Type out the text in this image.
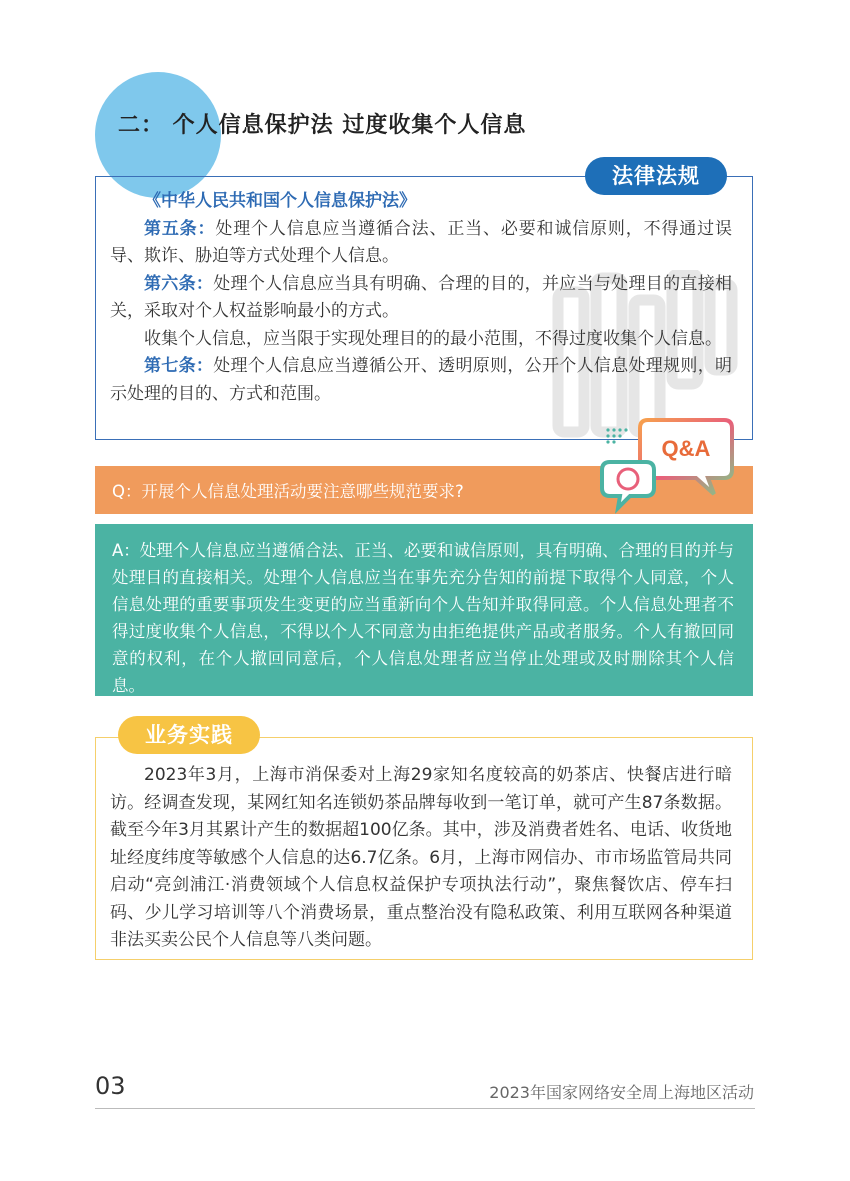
二： 个人信息保护法 过度收集个人信息
法律法规

《中华人民共和国个人信息保护法》

第五条：处理个人信息应当遵循合法、正当、必要和诚信原则，不得通过误导、欺诈、胁迫等方式处理个人信息。

第六条：处理个人信息应当具有明确、合理的目的，并应当与处理目的直接相关，采取对个人权益影响最小的方式。

收集个人信息，应当限于实现处理目的的最小范围，不得过度收集个人信息。

第七条：处理个人信息应当遵循公开、透明原则，公开个人信息处理规则，明示处理的目的、方式和范围。

Q：开展个人信息处理活动要注意哪些规范要求?
Q&A
A：处理个人信息应当遵循合法、正当、必要和诚信原则，具有明确、合理的目的并与处理目的直接相关。处理个人信息应当在事先充分告知的前提下取得个人同意，个人信息处理的重要事项发生变更的应当重新向个人告知并取得同意。个人信息处理者不得过度收集个人信息，不得以个人不同意为由拒绝提供产品或者服务。个人有撤回同意的权利，在个人撤回同意后，个人信息处理者应当停止处理或及时删除其个人信息。
业务实践
2023年3月，上海市消保委对上海29家知名度较高的奶茶店、快餐店进行暗访。经调查发现，某网红知名连锁奶茶品牌每收到一笔订单，就可产生87条数据。截至今年3月其累计产生的数据超100亿条。其中，涉及消费者姓名、电话、收货地址经度纬度等敏感个人信息的达6.7亿条。6月，上海市网信办、市市场监管局共同启动“亮剑浦江·消费领域个人信息权益保护专项执法行动”，聚焦餐饮店、停车扫码、少儿学习培训等八个消费场景，重点整治没有隐私政策、利用互联网各种渠道非法买卖公民个人信息等八类问题。
03	2023年国家网络安全周上海地区活动
